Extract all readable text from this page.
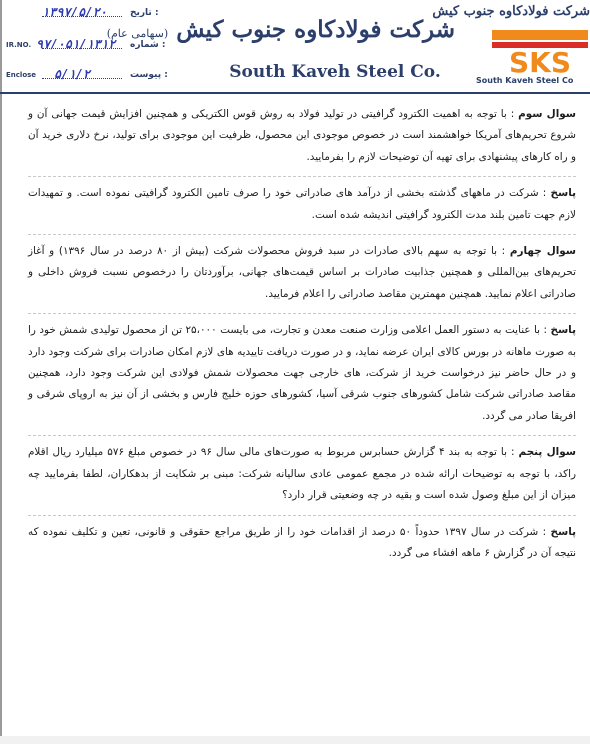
۱۳۹۷/۵/۲۰	تاریخ :
IR.NO. ۹۷/۰۵۱/۱۳۱۲ شماره :
Enclose ۵/۱/۲	پیوست :
شرکت فولادکاوه جنوب کیش (سهامی عام)
South Kaveh Steel Co.
شرکت فولادکاوه جنوب کیش
SKS
South Kaveh Steel Co

سوال سوم : با توجه به اهمیت الکترود گرافیتی در تولید فولاد به روش قوس الکتریکی و همچنین افزایش قیمت جهانی آن و شروع تحریم‌های آمریکا خواهشمند است در خصوص موجودی این محصول، ظرفیت این موجودی برای تولید، نرخ دلاری خرید آن و راه کارهای پیشنهادی برای تهیه آن توضیحات لازم را بفرمایید.

پاسخ : شرکت در ماههای گذشته بخشی از درآمد های صادراتی خود را صرف تامین الکترود گرافیتی نموده است. و تمهیدات لازم جهت تامین بلند مدت الکترود گرافیتی اندیشه شده است.

سوال چهارم : با توجه به سهم بالای صادرات در سبد فروش محصولات شرکت (بیش از ۸۰ درصد در سال ۱۳۹۶) و آغاز تحریم‌های بین‌المللی و همچنین جذابیت صادرات بر اساس قیمت‌های جهانی، برآوردتان را درخصوص نسبت فروش داخلی و صادراتی اعلام نمایید. همچنین مهمترین مقاصد صادراتی را اعلام فرمایید.

پاسخ : با عنایت به دستور العمل اعلامی وزارت صنعت معدن و تجارت، می بایست ۲۵،۰۰۰ تن از محصول تولیدی شمش خود را به صورت ماهانه در بورس کالای ایران عرضه نماید، و در صورت دریافت تاییدیه های لازم امکان صادرات برای شرکت وجود دارد و در حال حاضر نیز درخواست خرید از شرکت، های خارجی جهت محصولات شمش فولادی این شرکت وجود دارد، همچنین مقاصد صادراتی شرکت شامل کشورهای جنوب شرقی آسیا، کشورهای حوزه خلیج فارس و بخشی از آن نیز به اروپای شرقی و افریقا صادر می گردد.

سوال پنجم : با توجه به بند ۴ گزارش حسابرس مربوط به صورت‌های مالی سال ۹۶ در خصوص مبلغ ۵۷۶ میلیارد ریال اقلام راکد، با توجه به توضیحات ارائه شده در مجمع عمومی عادی سالیانه شرکت: مبنی بر شکایت از بدهکاران، لطفا بفرمایید چه میزان از این مبلغ وصول شده است و بقیه در چه وضعیتی قرار دارد؟

پاسخ : شرکت در سال ۱۳۹۷ حدوداً ۵۰ درصد از اقدامات خود را از طریق مراجع حقوقی و قانونی، تعین و تکلیف نموده که نتیجه آن در گزارش ۶ ماهه افشاء می گردد.
